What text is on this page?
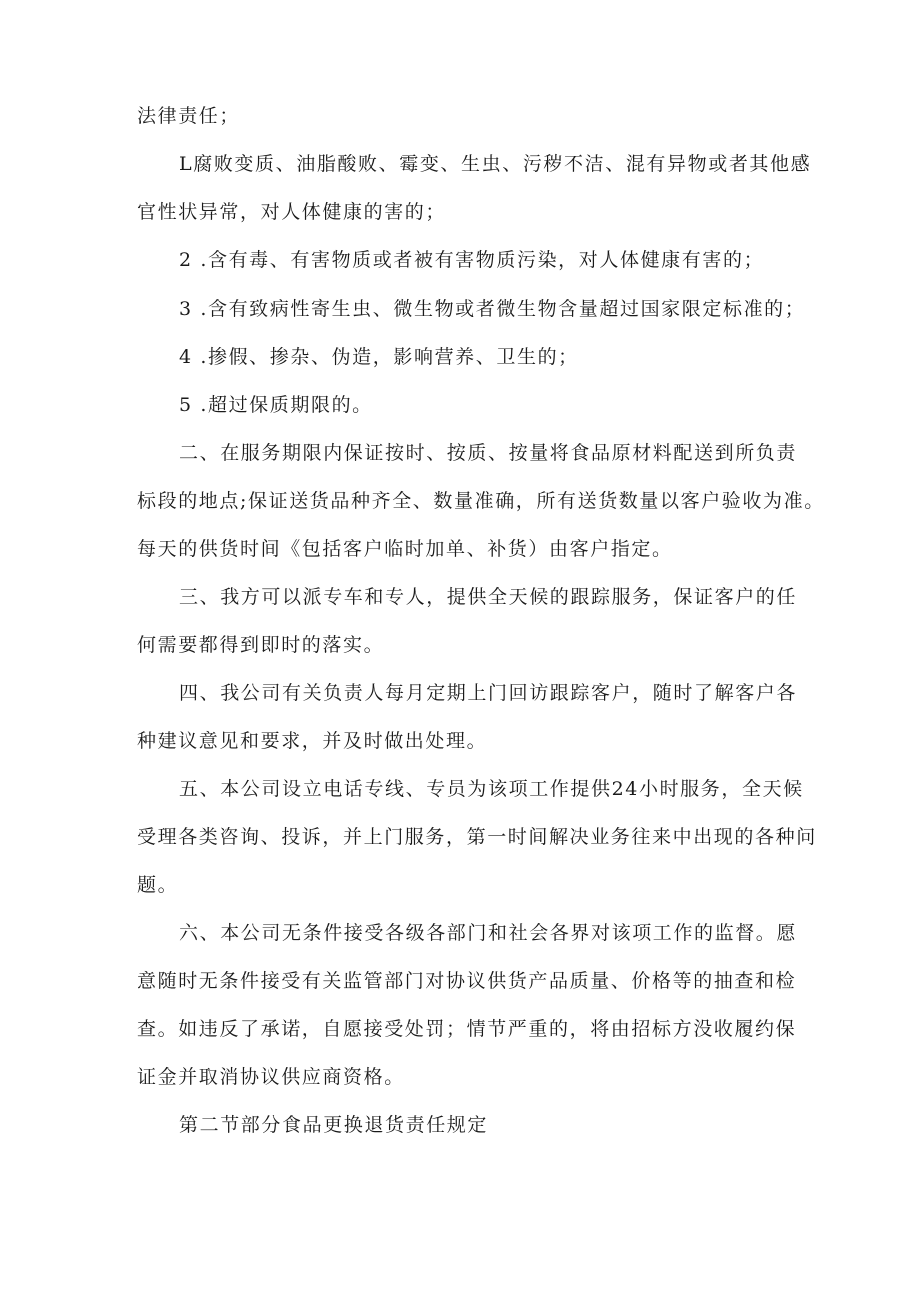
法律责任；
L腐败变质、油脂酸败、霉变、生虫、污秽不洁、混有异物或者其他感
官性状异常，对人体健康的害的；
2 .含有毒、有害物质或者被有害物质污染，对人体健康有害的；
3 .含有致病性寄生虫、微生物或者微生物含量超过国家限定标准的；
4 .掺假、掺杂、伪造，影响营养、卫生的；
5 .超过保质期限的。
二、在服务期限内保证按时、按质、按量将食品原材料配送到所负责
标段的地点;保证送货品种齐全、数量准确，所有送货数量以客户验收为准。
每天的供货时间《包括客户临时加单、补货）由客户指定。
三、我方可以派专车和专人，提供全天候的跟踪服务，保证客户的任
何需要都得到即时的落实。
四、我公司有关负责人每月定期上门回访跟踪客户，随时了解客户各
种建议意见和要求，并及时做出处理。
五、本公司设立电话专线、专员为该项工作提供24小时服务，全天候
受理各类咨询、投诉，并上门服务，第一时间解决业务往来中出现的各种问
题。
六、本公司无条件接受各级各部门和社会各界对该项工作的监督。愿
意随时无条件接受有关监管部门对协议供货产品质量、价格等的抽查和检
查。如违反了承诺，自愿接受处罚；情节严重的，将由招标方没收履约保
证金并取消协议供应商资格。
第二节部分食品更换退货责任规定
